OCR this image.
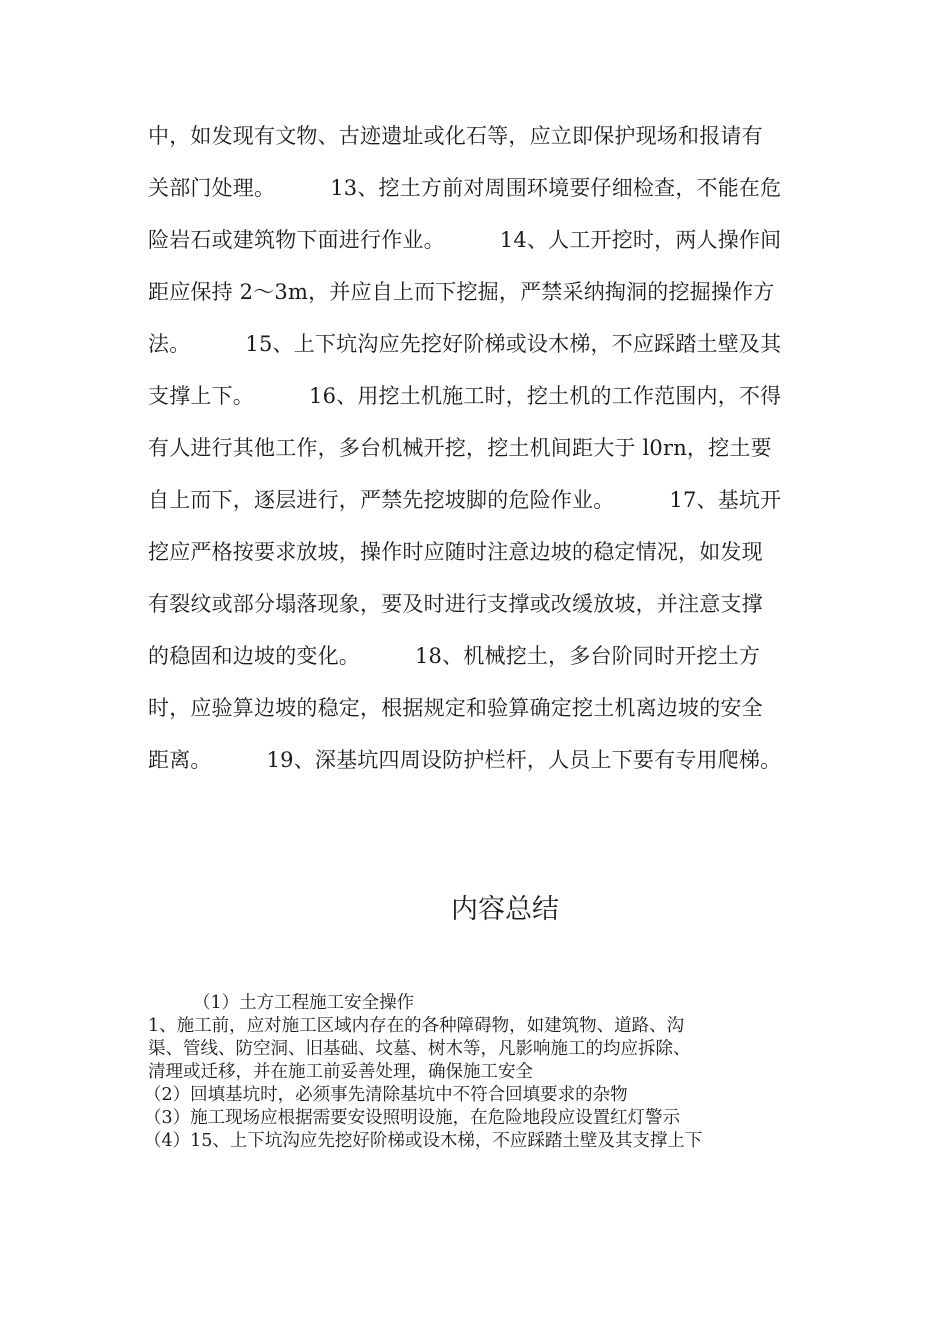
中，如发现有文物、古迹遗址或化石等，应立即保护现场和报请有
关部门处理。        13、挖土方前对周围环境要仔细检查，不能在危
险岩石或建筑物下面进行作业。        14、人工开挖时，两人操作间
距应保持 2～3m，并应自上而下挖掘，严禁采纳掏洞的挖掘操作方
法。        15、上下坑沟应先挖好阶梯或设木梯，不应踩踏土壁及其
支撑上下。        16、用挖土机施工时，挖土机的工作范围内，不得
有人进行其他工作，多台机械开挖，挖土机间距大于 l0rn，挖土要
自上而下，逐层进行，严禁先挖坡脚的危险作业。        17、基坑开
挖应严格按要求放坡，操作时应随时注意边坡的稳定情况，如发现
有裂纹或部分塌落现象，要及时进行支撑或改缓放坡，并注意支撑
的稳固和边坡的变化。        18、机械挖土，多台阶同时开挖土方
时，应验算边坡的稳定，根据规定和验算确定挖土机离边坡的安全
距离。        19、深基坑四周设防护栏杆，人员上下要有专用爬梯。
内容总结
（1）土方工程施工安全操作
1、施工前，应对施工区域内存在的各种障碍物，如建筑物、道路、沟
渠、管线、防空洞、旧基础、坟墓、树木等，凡影响施工的均应拆除、
清理或迁移，并在施工前妥善处理，确保施工安全
（2）回填基坑时，必须事先清除基坑中不符合回填要求的杂物
（3）施工现场应根据需要安设照明设施，在危险地段应设置红灯警示
（4）15、上下坑沟应先挖好阶梯或设木梯，不应踩踏土壁及其支撑上下
